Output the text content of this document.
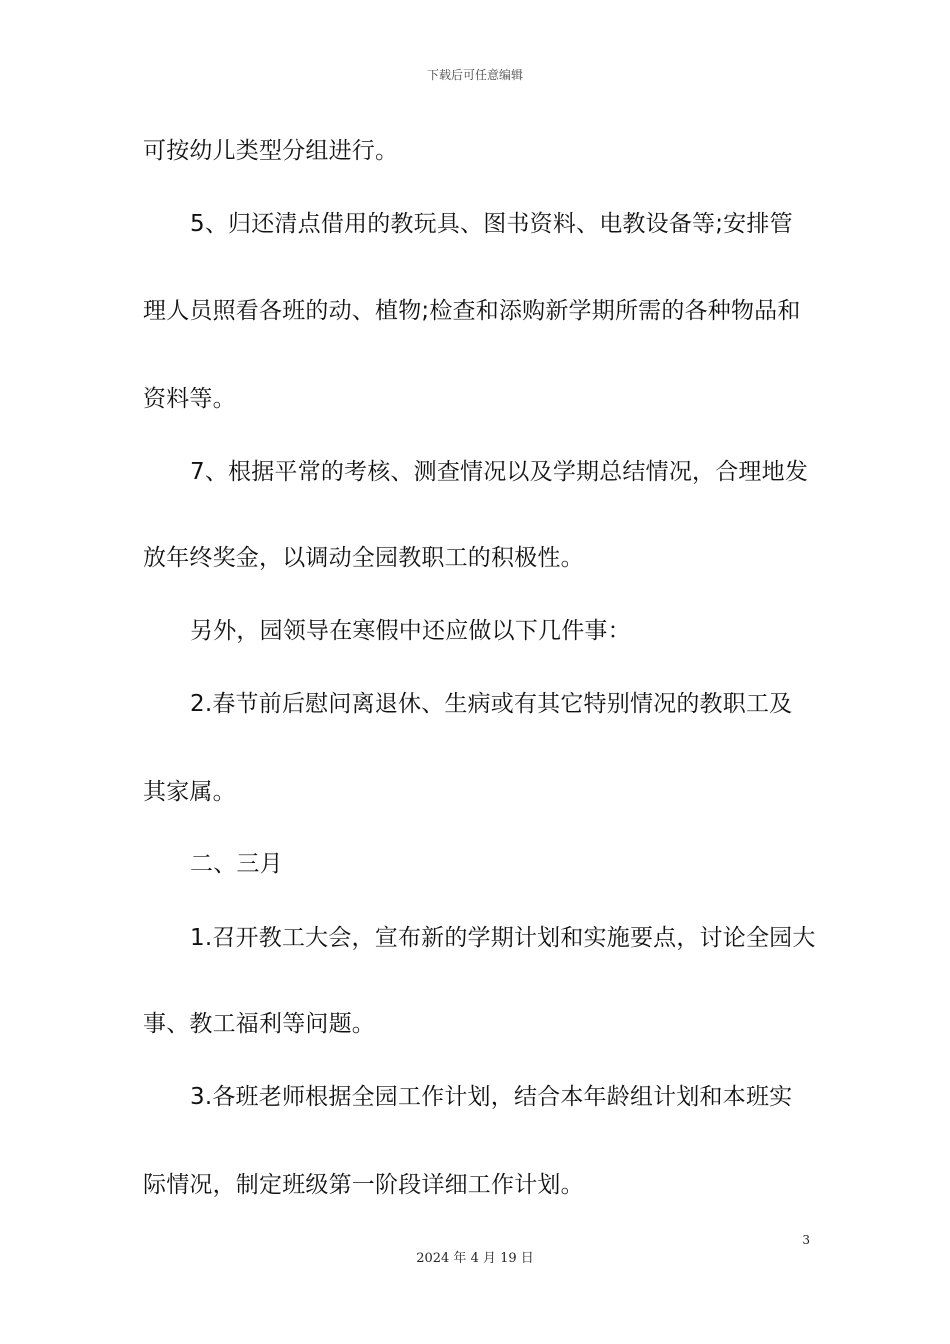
下载后可任意编辑
可按幼儿类型分组进行。
5、归还清点借用的教玩具、图书资料、电教设备等;安排管
理人员照看各班的动、植物;检查和添购新学期所需的各种物品和
资料等。
7、根据平常的考核、测查情况以及学期总结情况，合理地发
放年终奖金，以调动全园教职工的积极性。
另外，园领导在寒假中还应做以下几件事：
2.春节前后慰问离退休、生病或有其它特别情况的教职工及
其家属。
二、三月
1.召开教工大会，宣布新的学期计划和实施要点，讨论全园大
事、教工福利等问题。
3.各班老师根据全园工作计划，结合本年龄组计划和本班实
际情况，制定班级第一阶段详细工作计划。
3
2024 年 4 月 19 日
